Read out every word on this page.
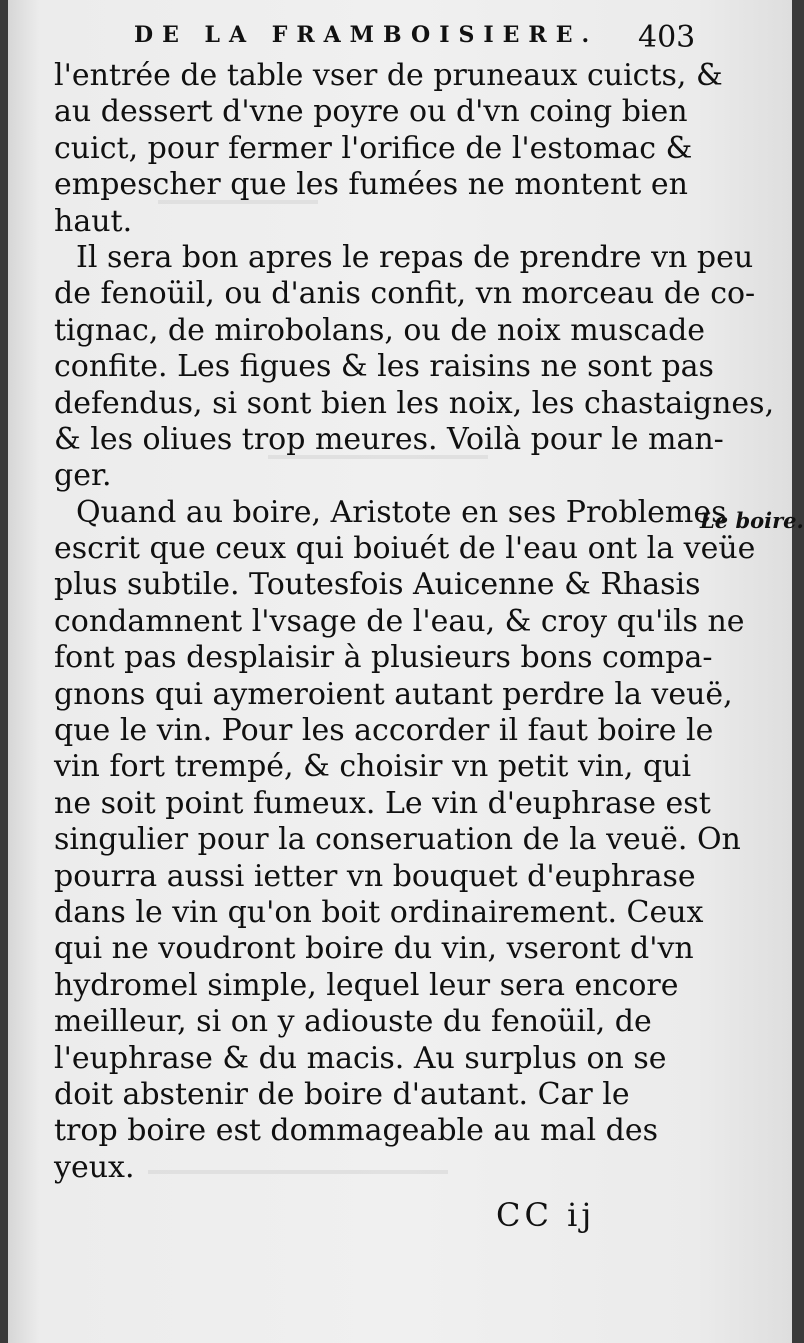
DE LA FRAMBOISIERE. 403
l'entrée de table vser de pruneaux cuicts, &
au dessert d'vne poyre ou d'vn coing bien
cuict, pour fermer l'orifice de l'estomac &
empescher que les fumées ne montent en
haut.
Il sera bon apres le repas de prendre vn peu
de fenoüil, ou d'anis confit, vn morceau de co-
tignac, de mirobolans, ou de noix muscade
confite. Les figues & les raisins ne sont pas
defendus, si sont bien les noix, les chastaignes,
& les oliues trop meures. Voilà pour le man-
ger.
Quand au boire, Aristote en ses Problemes
escrit que ceux qui boiuét de l'eau ont la veüe
plus subtile. Toutesfois Auicenne & Rhasis
condamnent l'vsage de l'eau, & croy qu'ils ne
font pas desplaisir à plusieurs bons compa-
gnons qui aymeroient autant perdre la veuë,
que le vin. Pour les accorder il faut boire le
vin fort trempé, & choisir vn petit vin, qui
ne soit point fumeux. Le vin d'euphrase est
singulier pour la conseruation de la veuë. On
pourra aussi ietter vn bouquet d'euphrase
dans le vin qu'on boit ordinairement. Ceux
qui ne voudront boire du vin, vseront d'vn
hydromel simple, lequel leur sera encore
meilleur, si on y adiouste du fenoüil, de
l'euphrase & du macis. Au surplus on se
doit abstenir de boire d'autant. Car le
trop boire est dommageable au mal des
yeux.
Le boire.
CC ij
